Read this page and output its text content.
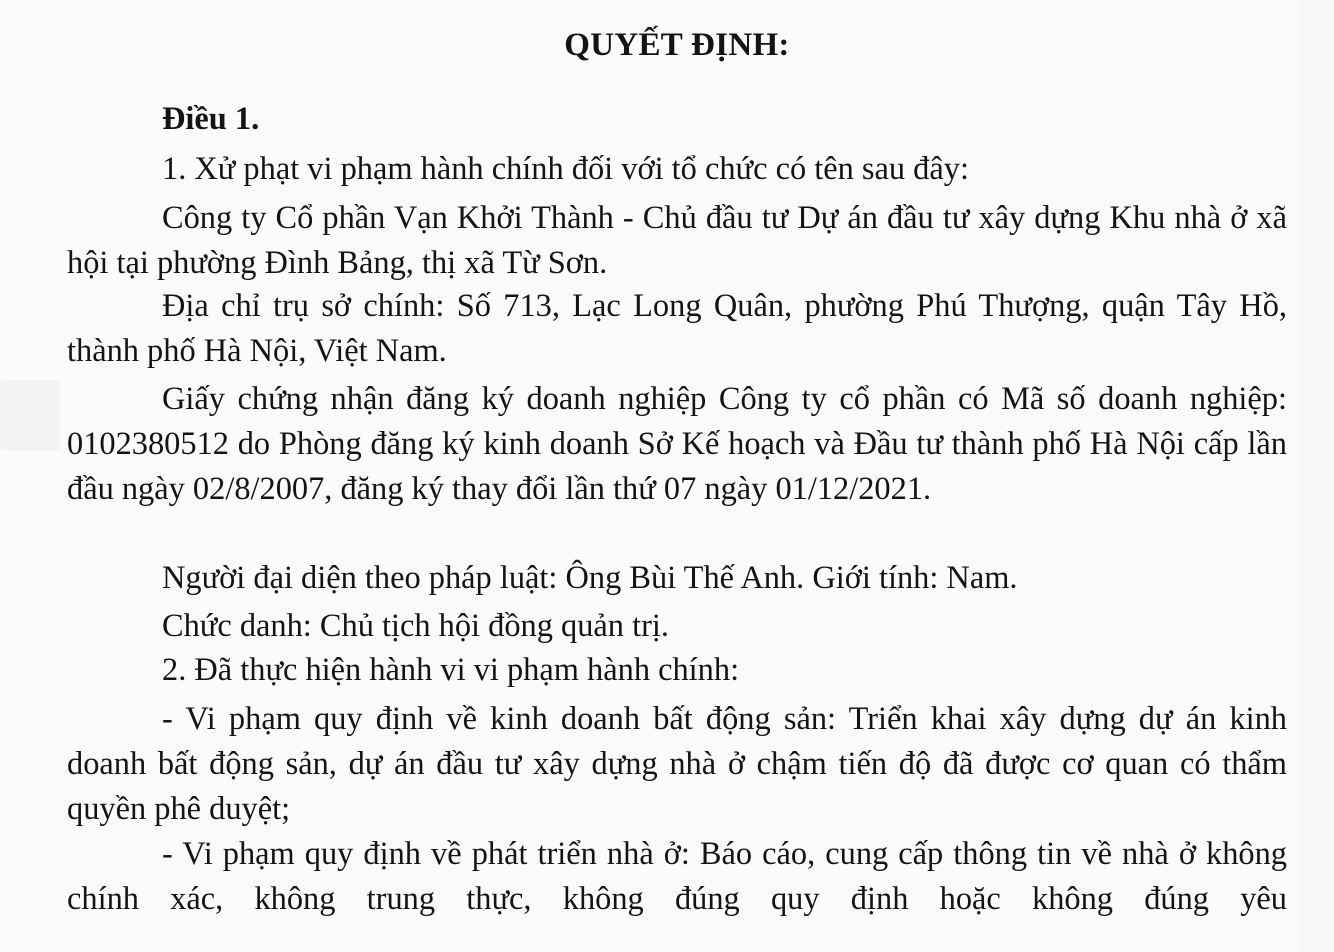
QUYẾT ĐỊNH:
Điều 1.

1. Xử phạt vi phạm hành chính đối với tổ chức có tên sau đây:

Công ty Cổ phần Vạn Khởi Thành - Chủ đầu tư Dự án đầu tư xây dựng Khu nhà ở xã hội tại phường Đình Bảng, thị xã Từ Sơn.

Địa chỉ trụ sở chính: Số 713, Lạc Long Quân, phường Phú Thượng, quận Tây Hồ, thành phố Hà Nội, Việt Nam.

Giấy chứng nhận đăng ký doanh nghiệp Công ty cổ phần có Mã số doanh nghiệp: 0102380512 do Phòng đăng ký kinh doanh Sở Kế hoạch và Đầu tư thành phố Hà Nội cấp lần đầu ngày 02/8/2007, đăng ký thay đổi lần thứ 07 ngày 01/12/2021.

Người đại diện theo pháp luật: Ông Bùi Thế Anh. Giới tính: Nam.

Chức danh: Chủ tịch hội đồng quản trị.

2. Đã thực hiện hành vi vi phạm hành chính:

- Vi phạm quy định về kinh doanh bất động sản: Triển khai xây dựng dự án kinh doanh bất động sản, dự án đầu tư xây dựng nhà ở chậm tiến độ đã được cơ quan có thẩm quyền phê duyệt;

- Vi phạm quy định về phát triển nhà ở: Báo cáo, cung cấp thông tin về nhà ở không chính xác, không trung thực, không đúng quy định hoặc không đúng yêu
